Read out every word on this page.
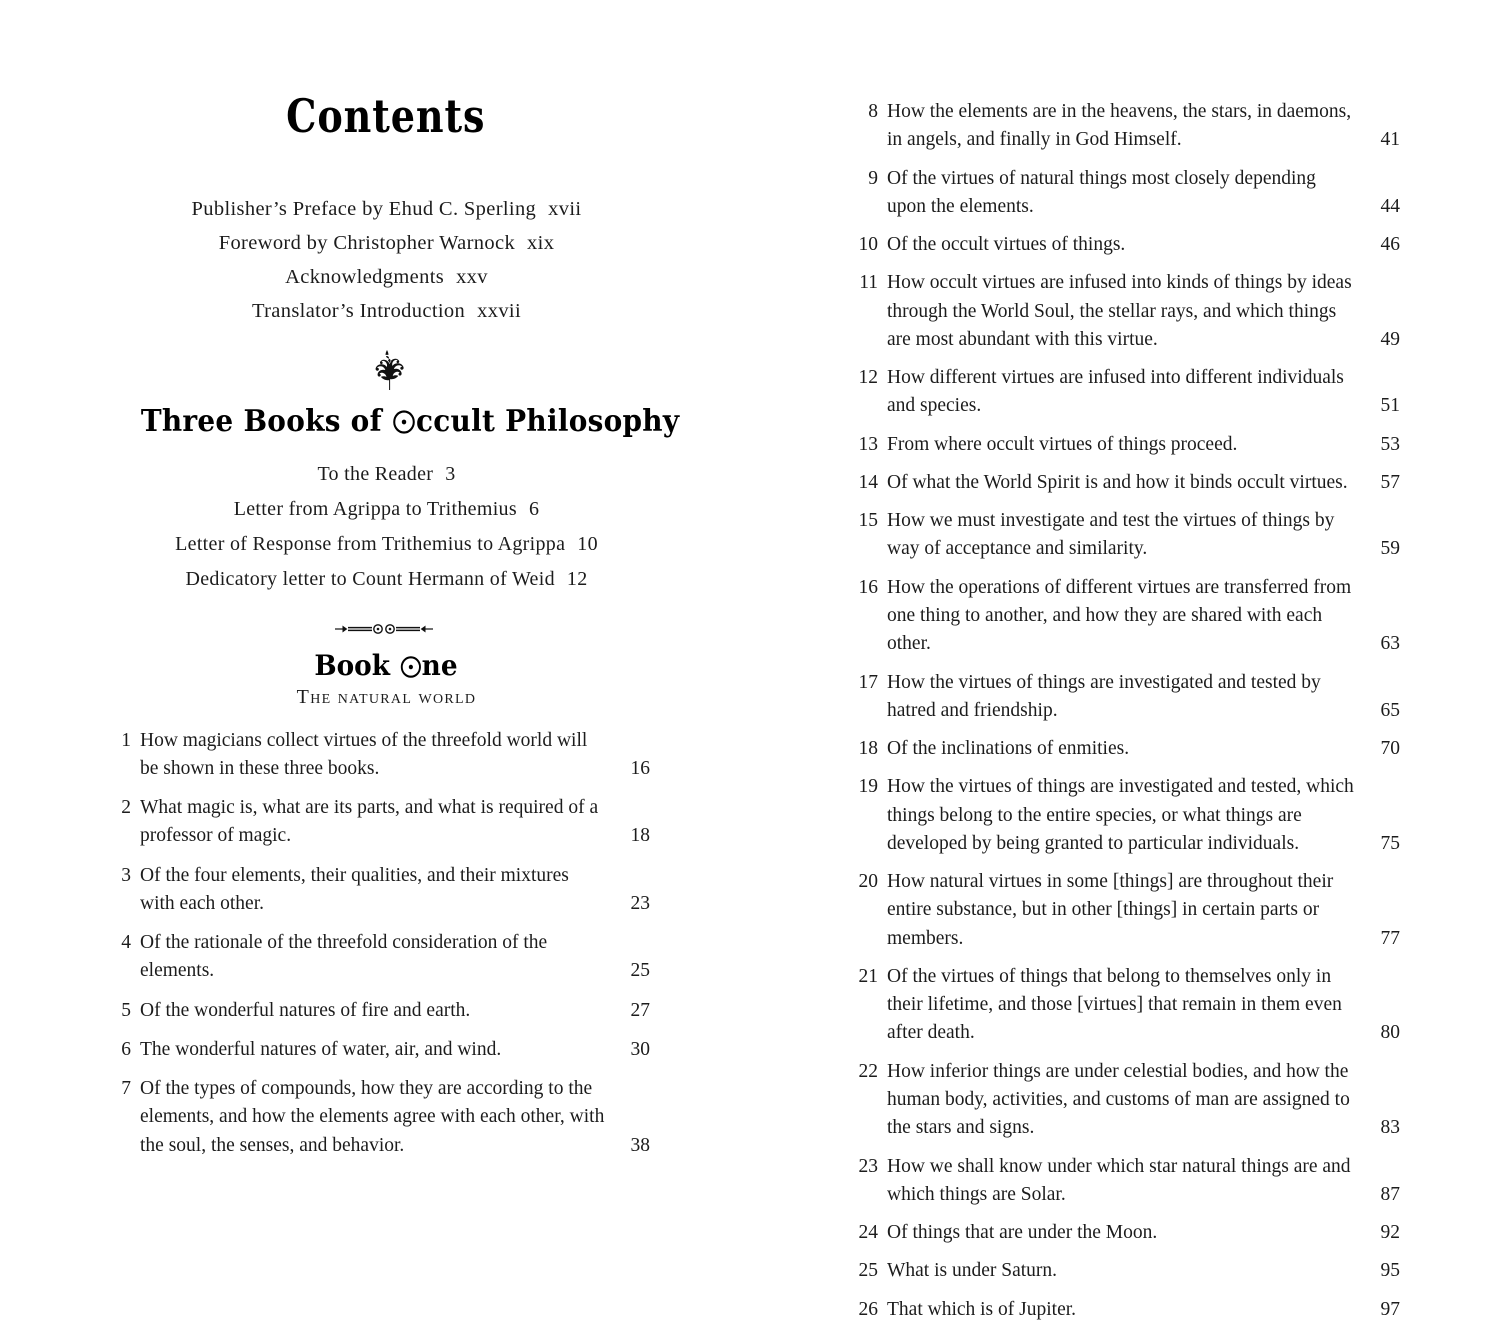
Contents
Publisher’s Preface by Ehud C. Sperling xvii
Foreword by Christopher Warnock xix
Acknowledgments xxv
Translator’s Introduction xxvii
Three Books of ccult Philosophy
To the Reader 3
Letter from Agrippa to Trithemius 6
Letter of Response from Trithemius to Agrippa 10
Dedicatory letter to Count Hermann of Weid 12
Book ne
The natural world
1	How magicians collect virtues of the threefold world will be shown in these three books.	16

2	What magic is, what are its parts, and what is required of a professor of magic.	18

3	Of the four elements, their qualities, and their mixtures with each other.	23

4	Of the rationale of the threefold consideration of the elements.	25

5	Of the wonderful natures of fire and earth.	27

6	The wonderful natures of water, air, and wind.	30

7	Of the types of compounds, how they are according to the elements, and how the elements agree with each other, with the soul, the senses, and behavior.	38
8	How the elements are in the heavens, the stars, in daemons, in angels, and finally in God Himself.	41

9	Of the virtues of natural things most closely depending upon the elements.	44

10	Of the occult virtues of things.	46

11	How occult virtues are infused into kinds of things by ideas through the World Soul, the stellar rays, and which things are most abundant with this virtue.	49

12	How different virtues are infused into different individuals and species.	51

13	From where occult virtues of things proceed.	53

14	Of what the World Spirit is and how it binds occult virtues.	57

15	How we must investigate and test the virtues of things by way of acceptance and similarity.	59

16	How the operations of different virtues are transferred from one thing to another, and how they are shared with each other.	63

17	How the virtues of things are investigated and tested by hatred and friendship.	65

18	Of the inclinations of enmities.	70

19	How the virtues of things are investigated and tested, which things belong to the entire species, or what things are developed by being granted to particular individuals.	75

20	How natural virtues in some [things] are throughout their entire substance, but in other [things] in certain parts or members.	77

21	Of the virtues of things that belong to themselves only in their lifetime, and those [virtues] that remain in them even after death.	80

22	How inferior things are under celestial bodies, and how the human body, activities, and customs of man are assigned to the stars and signs.	83

23	How we shall know under which star natural things are and which things are Solar.	87

24	Of things that are under the Moon.	92

25	What is under Saturn.	95

26	That which is of Jupiter.	97
